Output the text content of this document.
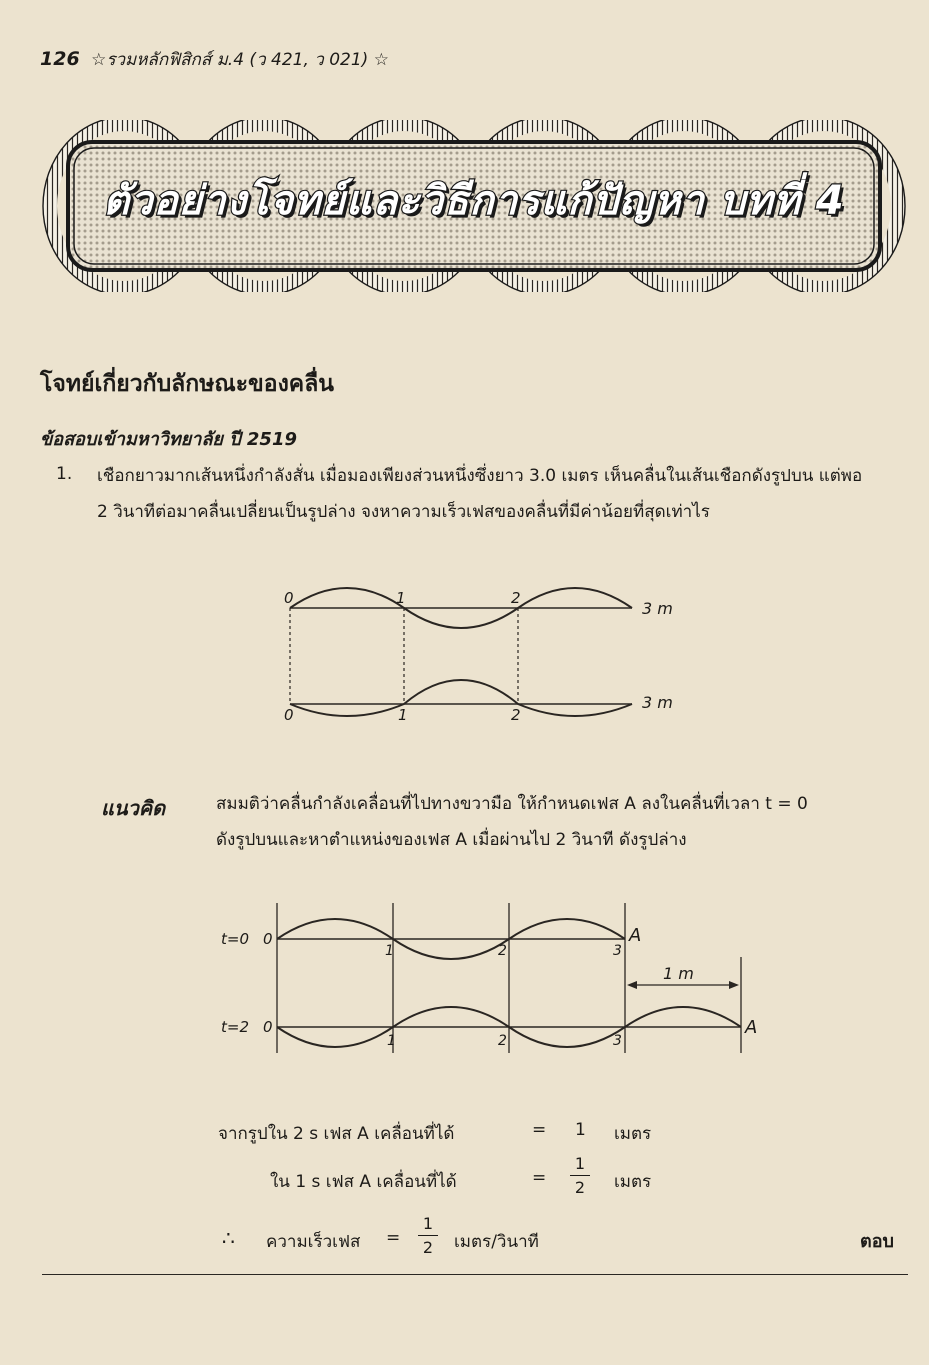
126 ☆รวมหลักฟิสิกส์ ม.4 (ว 421, ว 021) ☆
ตัวอย่างโจทย์และวิธีการแก้ปัญหา บทที่ 4
โจทย์เกี่ยวกับลักษณะของคลื่น
ข้อสอบเข้ามหาวิทยาลัย ปี 2519
1. เชือกยาวมากเส้นหนึ่งกำลังสั่น เมื่อมองเพียงส่วนหนึ่งซึ่งยาว 3.0 เมตร เห็นคลื่นในเส้นเชือกดังรูปบน แต่พอ
2 วินาทีต่อมาคลื่นเปลี่ยนเป็นรูปล่าง จงหาความเร็วเฟสของคลื่นที่มีค่าน้อยที่สุดเท่าไร
0	1	2
3 m
0	1	2
3 m
แนวคิด	สมมติว่าคลื่นกำลังเคลื่อนที่ไปทางขวามือ ให้กำหนดเฟส A ลงในคลื่นที่เวลา t = 0
ดังรูปบนและหาตำแหน่งของเฟส A เมื่อผ่านไป 2 วินาที ดังรูปล่าง
t=0 0
1	2	3
A
1 m
t=2 0
1	2	3
A
จากรูปใน 2 s เฟส A เคลื่อนที่ได้	= 1 เมตร
ใน 1 s เฟส A เคลื่อนที่ได้	= $\frac{1}{2}$ เมตร
∴ ความเร็วเฟส = $\frac{1}{2}$ เมตร/วินาที	ตอบ
